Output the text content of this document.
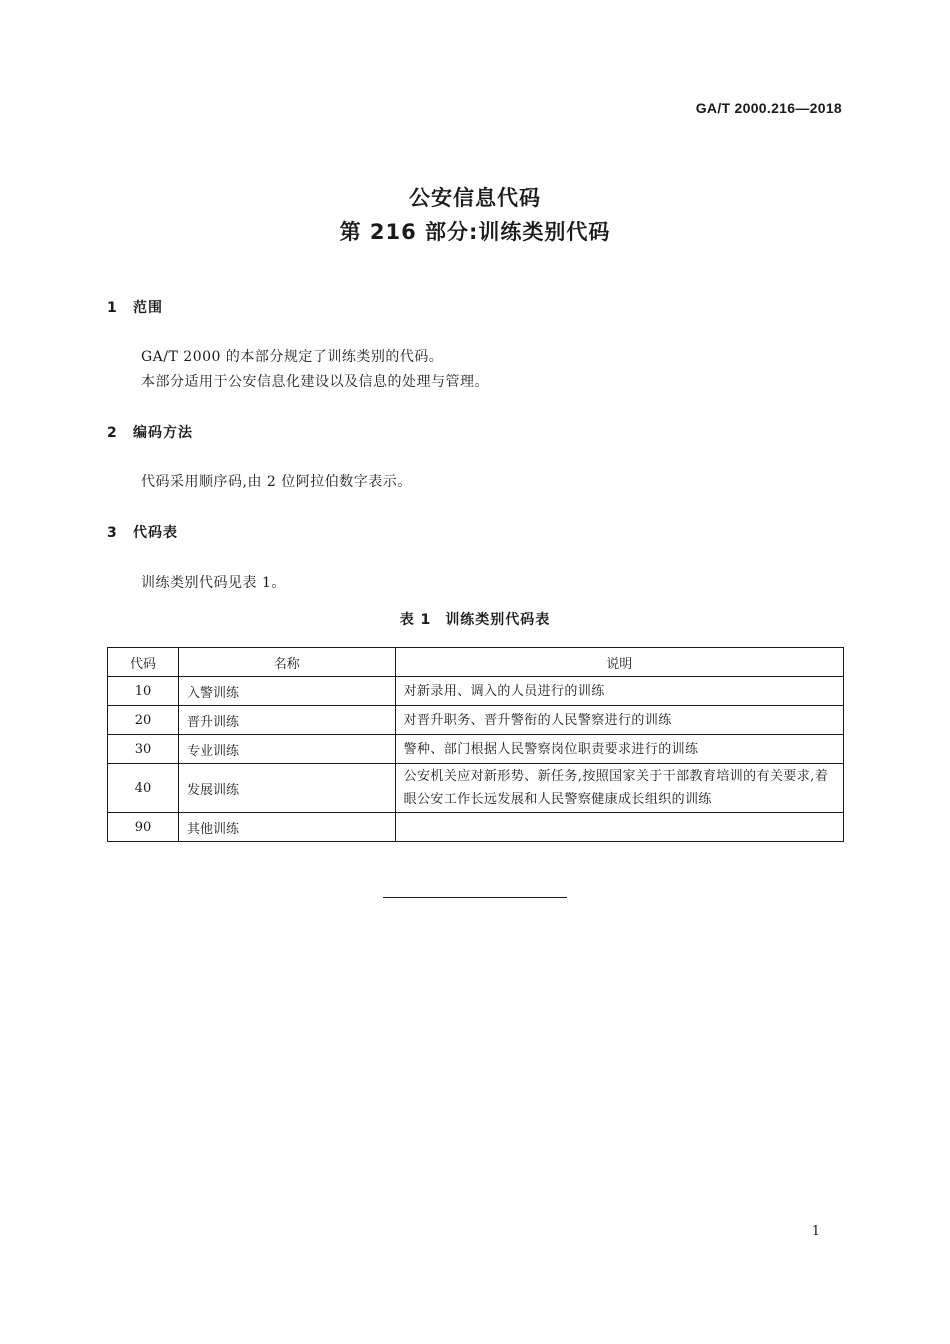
GA/T 2000.216—2018
公安信息代码
第 216 部分:训练类别代码
1 范围
GA/T 2000 的本部分规定了训练类别的代码。
本部分适用于公安信息化建设以及信息的处理与管理。
2 编码方法
代码采用顺序码,由 2 位阿拉伯数字表示。
3 代码表
训练类别代码见表 1。
表 1 训练类别代码表
代码	名称	说明
10	入警训练	对新录用、调入的人员进行的训练
20	晋升训练	对晋升职务、晋升警衔的人民警察进行的训练
30	专业训练	警种、部门根据人民警察岗位职责要求进行的训练
40	发展训练	公安机关应对新形势、新任务,按照国家关于干部教育培训的有关要求,着眼公安工作长远发展和人民警察健康成长组织的训练
90	其他训练	
1
